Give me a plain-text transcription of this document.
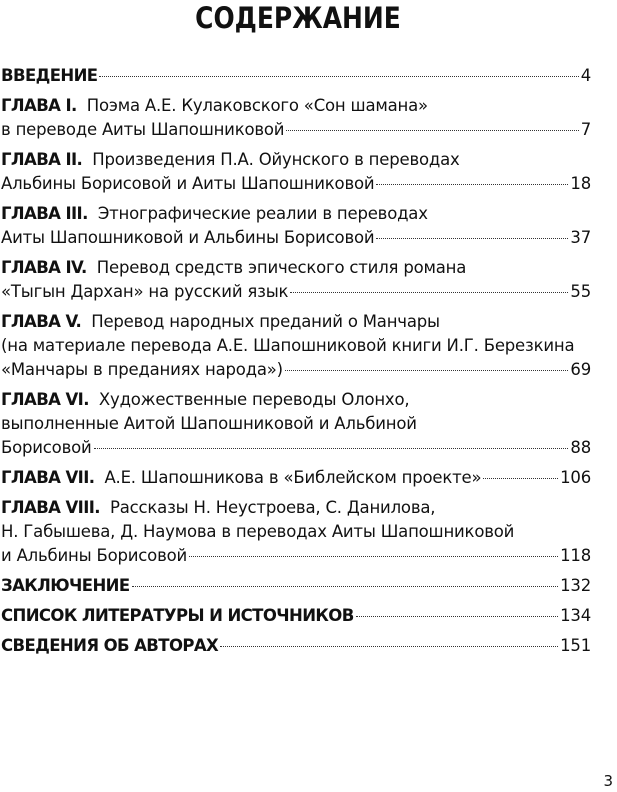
СОДЕРЖАНИЕ
ВВЕДЕНИЕ	4
ГЛАВА I. Поэма А.Е. Кулаковского «Сон шамана»
в переводе Аиты Шапошниковой	7
ГЛАВА II. Произведения П.А. Ойунского в переводах
Альбины Борисовой и Аиты Шапошниковой	18
ГЛАВА III. Этнографические реалии в переводах
Аиты Шапошниковой и Альбины Борисовой	37
ГЛАВА IV. Перевод средств эпического стиля романа
«Тыгын Дархан» на русский язык	55
ГЛАВА V. Перевод народных преданий о Манчары
(на материале перевода А.Е. Шапошниковой книги И.Г. Березкина
«Манчары в преданиях народа»)	69
ГЛАВА VI. Художественные переводы Олонхо,
выполненные Аитой Шапошниковой и Альбиной
Борисовой	88
ГЛАВА VII.
А.Е. Шапошникова в «Библейском проекте»	106
ГЛАВА VIII. Рассказы Н. Неустроева, С. Данилова,
Н. Габышева, Д. Наумова в переводах Аиты Шапошниковой
и Альбины Борисовой	118
ЗАКЛЮЧЕНИЕ	132
СПИСОК ЛИТЕРАТУРЫ И ИСТОЧНИКОВ	134
СВЕДЕНИЯ ОБ АВТОРАХ	151
3
